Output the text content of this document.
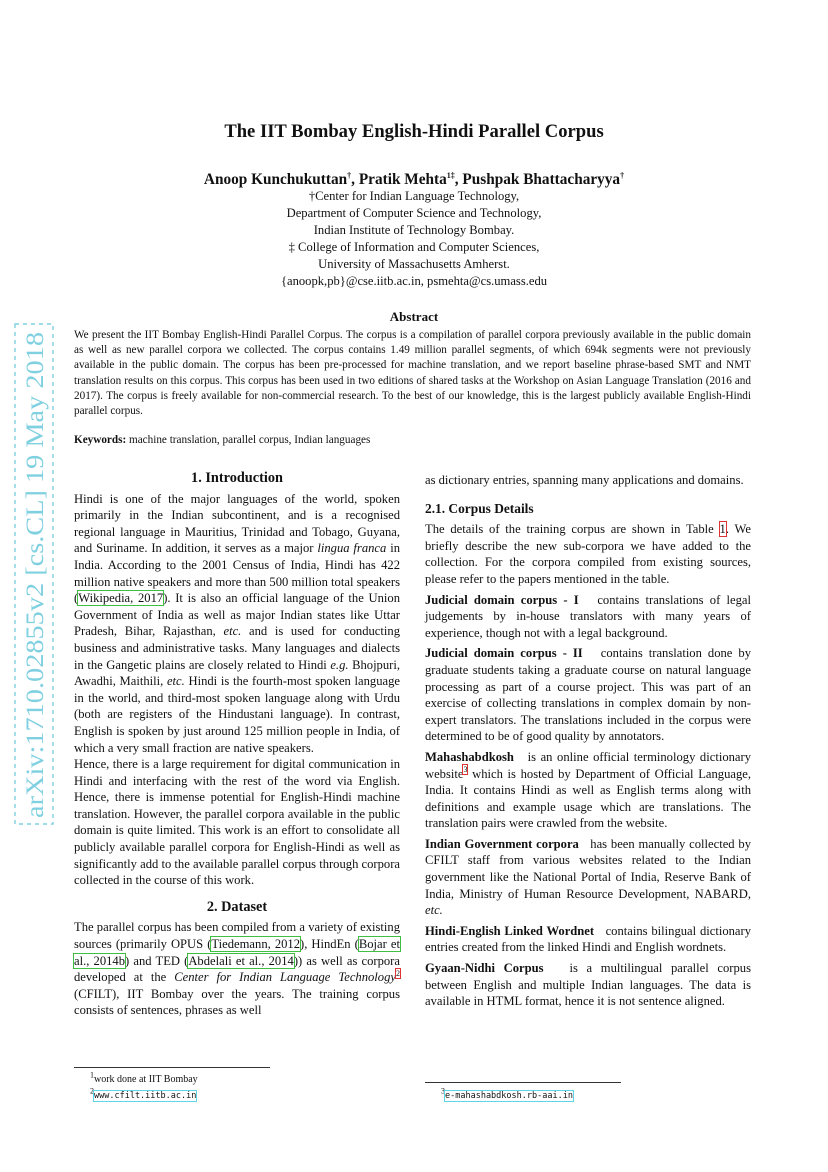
arXiv:1710.02855v2 [cs.CL] 19 May 2018
The IIT Bombay English-Hindi Parallel Corpus
Anoop Kunchukuttan†, Pratik Mehta$^{1\ddagger}$, Pushpak Bhattacharyya†
†Center for Indian Language Technology,
Department of Computer Science and Technology,
Indian Institute of Technology Bombay.
‡ College of Information and Computer Sciences,
University of Massachusetts Amherst.
{anoopk,pb}@cse.iitb.ac.in, psmehta@cs.umass.edu
Abstract
We present the IIT Bombay English-Hindi Parallel Corpus. The corpus is a compilation of parallel corpora previously available in the public domain as well as new parallel corpora we collected. The corpus contains 1.49 million parallel segments, of which 694k segments were not previously available in the public domain. The corpus has been pre-processed for machine translation, and we report baseline phrase-based SMT and NMT translation results on this corpus. This corpus has been used in two editions of shared tasks at the Workshop on Asian Language Translation (2016 and 2017). The corpus is freely available for non-commercial research. To the best of our knowledge, this is the largest publicly available English-Hindi parallel corpus.
Keywords: machine translation, parallel corpus, Indian languages
1. Introduction

Hindi is one of the major languages of the world, spoken primarily in the Indian subcontinent, and is a recognised regional language in Mauritius, Trinidad and Tobago, Guyana, and Suriname. In addition, it serves as a major lingua franca in India. According to the 2001 Census of India, Hindi has 422 million native speakers and more than 500 million total speakers (Wikipedia, 2017). It is also an official language of the Union Government of India as well as major Indian states like Uttar Pradesh, Bihar, Rajasthan, etc. and is used for conducting business and administrative tasks. Many languages and dialects in the Gangetic plains are closely related to Hindi e.g. Bhojpuri, Awadhi, Maithili, etc. Hindi is the fourth-most spoken language in the world, and third-most spoken language along with Urdu (both are registers of the Hindustani language). In contrast, English is spoken by just around 125 million people in India, of which a very small fraction are native speakers.

Hence, there is a large requirement for digital communication in Hindi and interfacing with the rest of the word via English. Hence, there is immense potential for English-Hindi machine translation. However, the parallel corpora available in the public domain is quite limited. This work is an effort to consolidate all publicly available parallel corpora for English-Hindi as well as significantly add to the available parallel corpus through corpora collected in the course of this work.

2. Dataset

The parallel corpus has been compiled from a variety of existing sources (primarily OPUS (Tiedemann, 2012), HindEn (Bojar et al., 2014b) and TED (Abdelali et al., 2014)) as well as corpora developed at the Center for Indian Language Technology$^2$ (CFILT), IIT Bombay over the years. The training corpus consists of sentences, phrases as well

$^1$work done at IIT Bombay
$^2$www.cfilt.iitb.ac.in

as dictionary entries, spanning many applications and domains.

2.1. Corpus Details

The details of the training corpus are shown in Table 1. We briefly describe the new sub-corpora we have added to the collection. For the corpora compiled from existing sources, please refer to the papers mentioned in the table.

Judicial domain corpus - I contains translations of legal judgements by in-house translators with many years of experience, though not with a legal background.

Judicial domain corpus - II contains translation done by graduate students taking a graduate course on natural language processing as part of a course project. This was part of an exercise of collecting translations in complex domain by non-expert translators. The translations included in the corpus were determined to be of good quality by annotators.

Mahashabdkosh is an online official terminology dictionary website$^3$ which is hosted by Department of Official Language, India. It contains Hindi as well as English terms along with definitions and example usage which are translations. The translation pairs were crawled from the website.

Indian Government corpora has been manually collected by CFILT staff from various websites related to the Indian government like the National Portal of India, Reserve Bank of India, Ministry of Human Resource Development, NABARD, etc.

Hindi-English Linked Wordnet contains bilingual dictionary entries created from the linked Hindi and English wordnets.

Gyaan-Nidhi Corpus is a multilingual parallel corpus between English and multiple Indian languages. The data is available in HTML format, hence it is not sentence aligned.

$^3$e-mahashabdkosh.rb-aai.in
